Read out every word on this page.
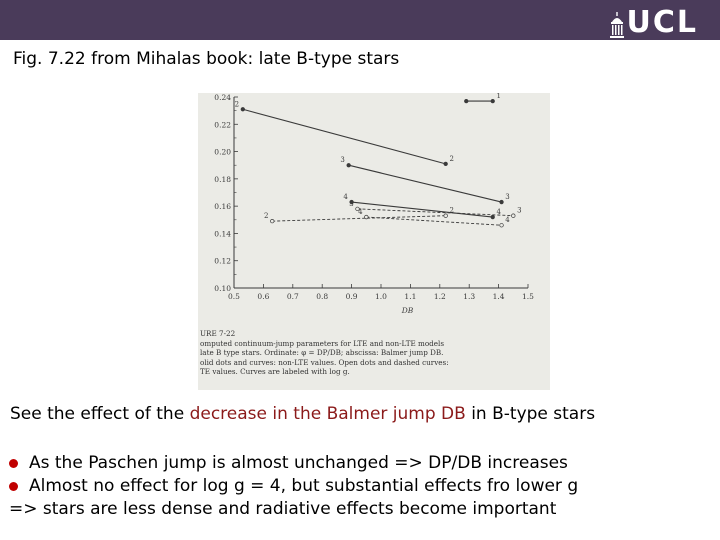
UCL
Fig. 7.22 from Mihalas book: late B-type stars
0.10
0.12
0.14
0.16
0.18
0.20
0.22
0.24
0.5 0.6 0.7 0.8 0.9 1.0 1.1 1.2 1.3 1.4 1.5
DB
2
2
3
3
4
4
1
2
2
3
3
4
4
URE 7-22
omputed continuum-jump parameters for LTE and non-LTE models
late B type stars. Ordinate: φ = DP/DB; abscissa: Balmer jump DB.
olid dots and curves: non-LTE values. Open dots and dashed curves:
TE values. Curves are labeled with log g.
See the effect of the decrease in the Balmer jump DB in B-type stars
As the Paschen jump is almost unchanged => DP/DB increases
Almost no effect for log g = 4, but substantial effects fro lower g
=> stars are less dense and radiative effects become important
